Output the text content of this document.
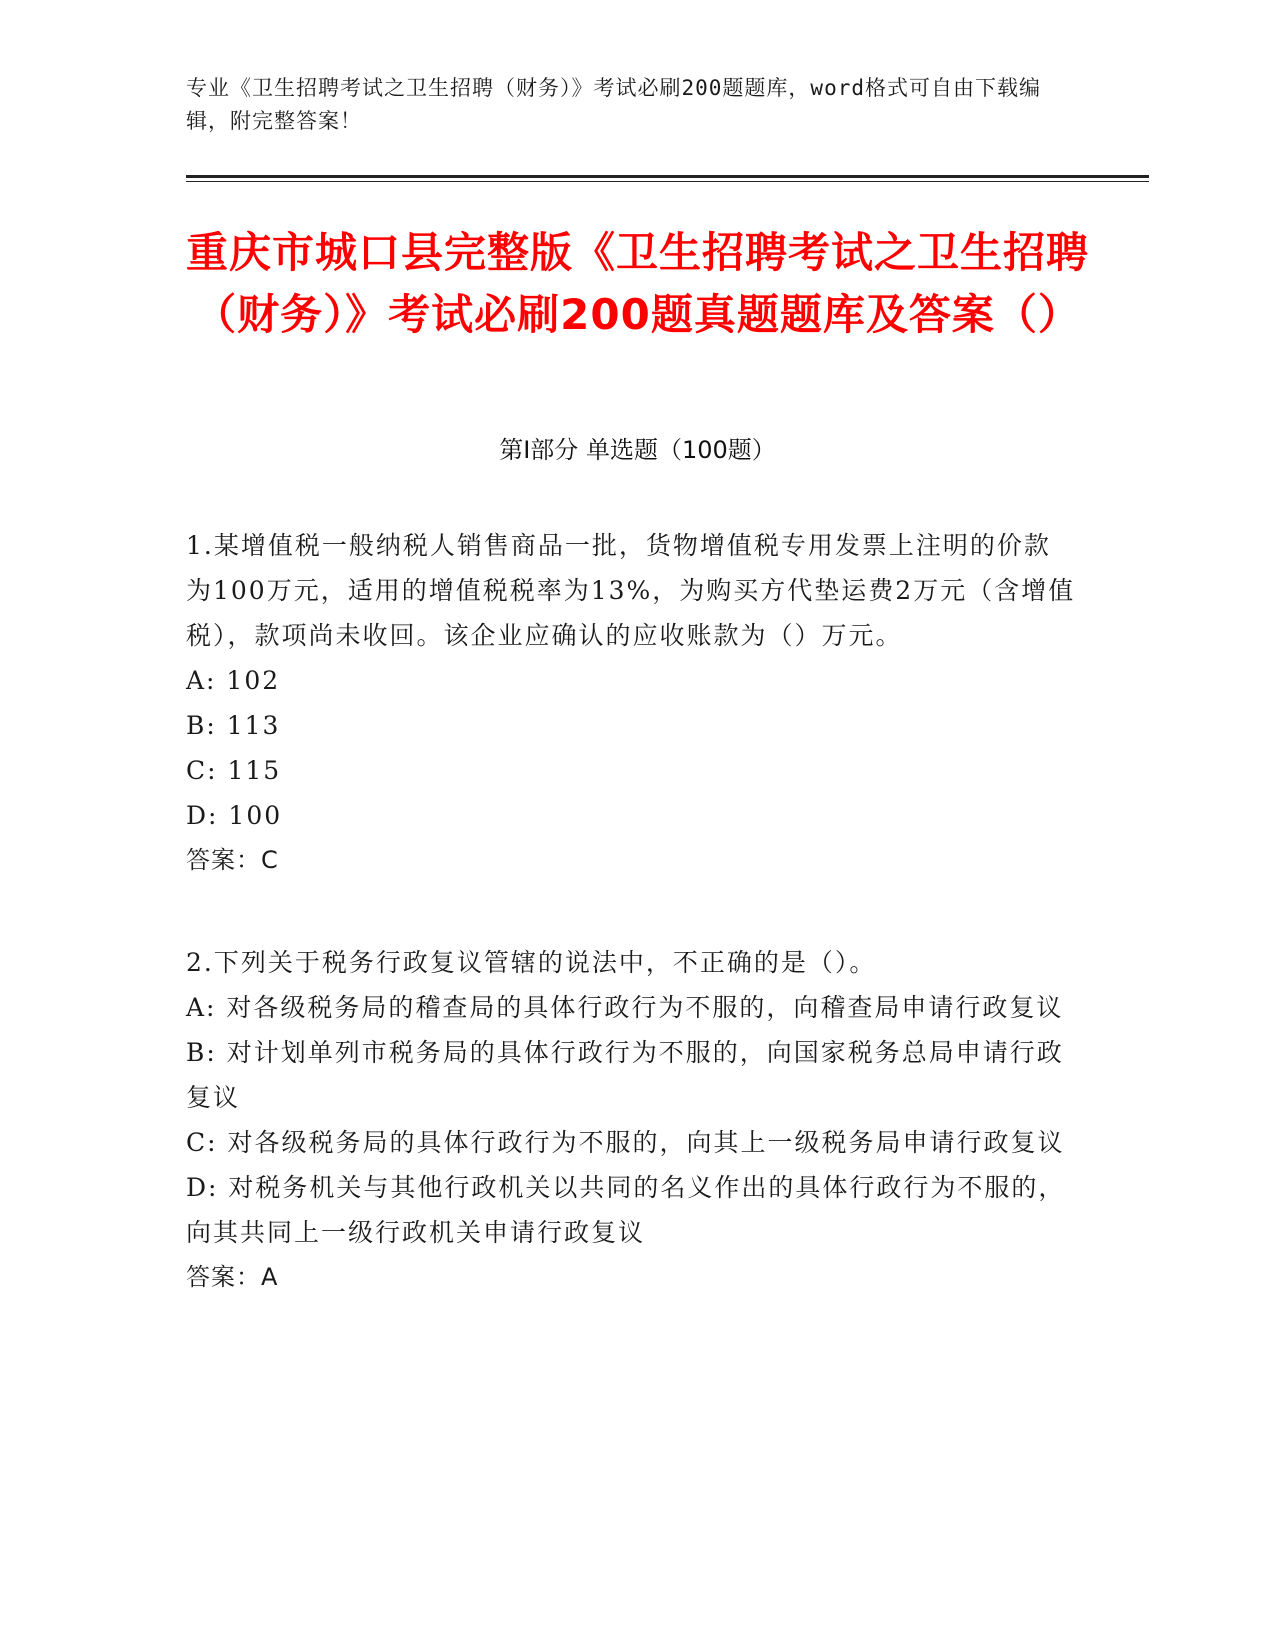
专业《卫生招聘考试之卫生招聘（财务）》考试必刷200题题库，word格式可自由下载编辑，附完整答案！
重庆市城口县完整版《卫生招聘考试之卫生招聘（财务）》考试必刷200题真题题库及答案（）
第Ⅰ部分 单选题（100题）

1.某增值税一般纳税人销售商品一批，货物增值税专用发票上注明的价款为100万元，适用的增值税税率为13%，为购买方代垫运费2万元（含增值税），款项尚未收回。该企业应确认的应收账款为（）万元。

A: 102

B: 113

C: 115

D: 100

答案：C

2.下列关于税务行政复议管辖的说法中，不正确的是（）。

A: 对各级税务局的稽查局的具体行政行为不服的，向稽查局申请行政复议

B: 对计划单列市税务局的具体行政行为不服的，向国家税务总局申请行政复议

C: 对各级税务局的具体行政行为不服的，向其上一级税务局申请行政复议

D: 对税务机关与其他行政机关以共同的名义作出的具体行政行为不服的，向其共同上一级行政机关申请行政复议

答案：A
